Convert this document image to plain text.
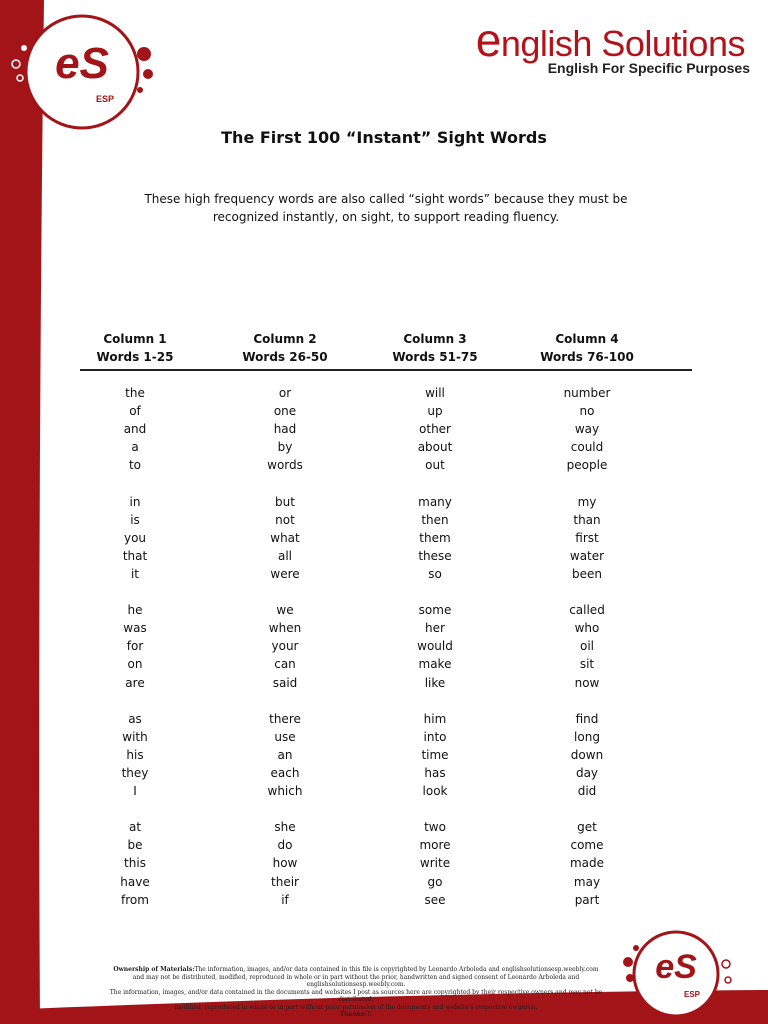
eS
ESP
eS
ESP
english Solutions
English For Specific Purposes
The First 100 “Instant” Sight Words
These high frequency words are also called “sight words” because they must be recognized instantly, on sight, to support reading fluency.
Column 1
Words 1-25
Column 2
Words 26-50
Column 3
Words 51-75
Column 4
Words 76-100
the
of
and
a
to
in
is
you
that
it
he
was
for
on
are
as
with
his
they
I
at
be
this
have
from
or
one
had
by
words
but
not
what
all
were
we
when
your
can
said
there
use
an
each
which
she
do
how
their
if
will
up
other
about
out
many
then
them
these
so
some
her
would
make
like
him
into
time
has
look
two
more
write
go
see
number
no
way
could
people
my
than
first
water
been
called
who
oil
sit
now
find
long
down
day
did
get
come
made
may
part
Ownership of Materials:The information, images, and/or data contained in this file is copyrighted by Leonardo Arboleda and englishsolutionsesp.weebly.com
and may not be distributed, modified, reproduced in whole or in part without the prior, handwritten and signed consent of Leonardo Arboleda and englishsolutionsesp.weebly.com.
The information, images, and/or data contained in the documents and websites I post as sources here are copyrighted by their respective owners and may not be distributed,
modified, reproduced in whole or in part without prior permission of the documents and website's respective owner(s).
Thanks!!!
